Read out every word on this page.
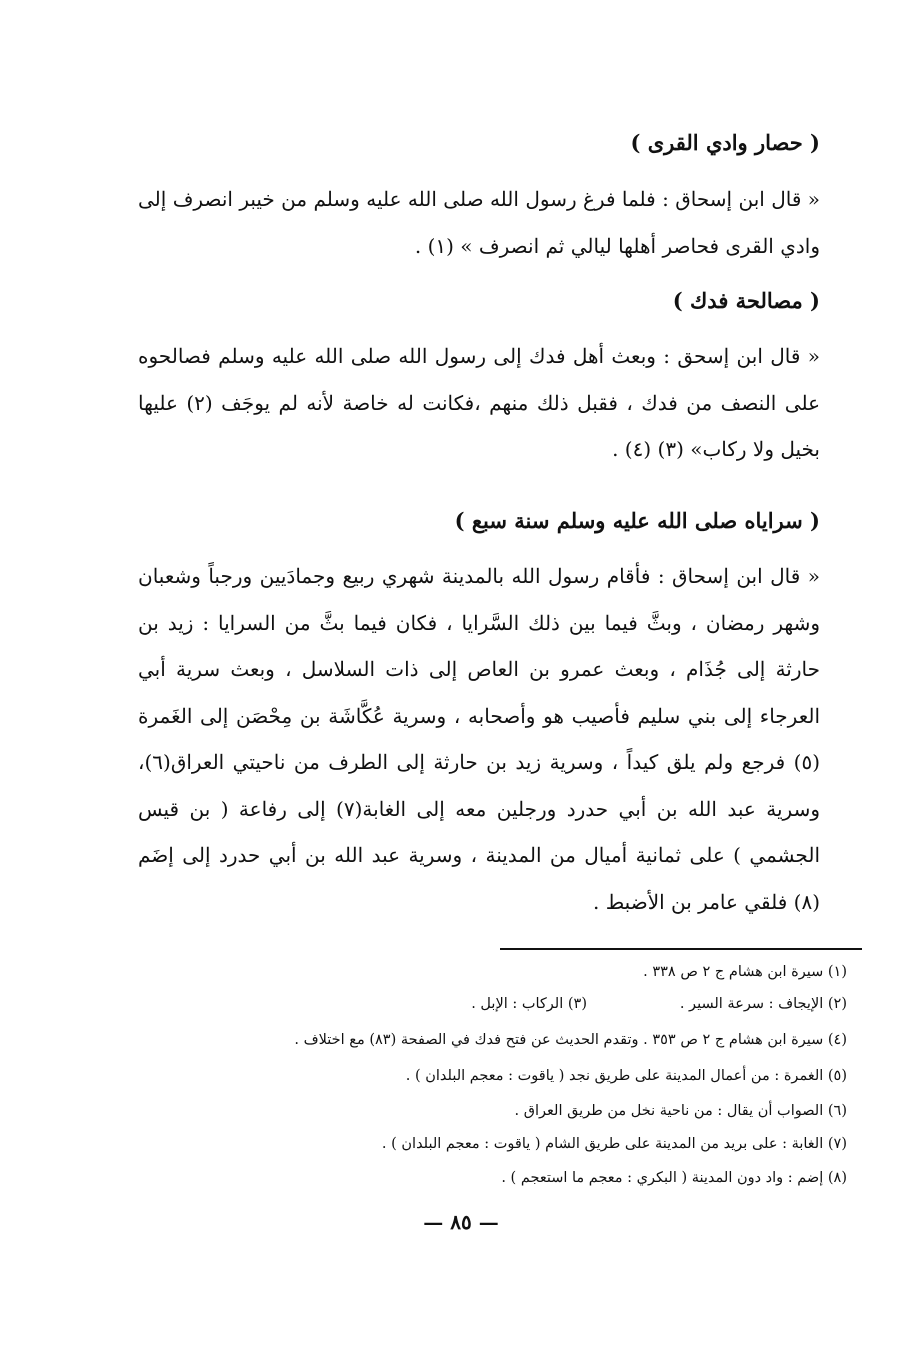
( حصار وادي القرى )

« قال ابن إسحاق : فلما فرغ رسول الله صلى الله عليه وسلم من خيبر انصرف إلى وادي القرى فحاصر أهلها ليالي ثم انصرف » (١) .

( مصالحة فدك )

« قال ابن إسحق : وبعث أهل فدك إلى رسول الله صلى الله عليه وسلم فصالحوه على النصف من فدك ، فقبل ذلك منهم ،فكانت له خاصة لأنه لم يوجَف (٢) عليها بخيل ولا ركاب» (٣) (٤) .

( سراياه صلى الله عليه وسلم سنة سبع )

« قال ابن إسحاق : فأقام رسول الله بالمدينة شهري ربيع وجمادَيين ورجباً وشعبان وشهر رمضان ، وبثَّ فيما بين ذلك السَّرايا ، فكان فيما بثَّ من السرايا : زيد بن حارثة إلى جُذَام ، وبعث عمرو بن العاص إلى ذات السلاسل ، وبعث سرية أبي العرجاء إلى بني سليم فأصيب هو وأصحابه ، وسرية عُكَّاشَة بن مِحْصَن إلى الغَمرة (٥) فرجع ولم يلق كيداً ، وسرية زيد بن حارثة إلى الطرف من ناحيتي العراق(٦)، وسرية عبد الله بن أبي حدرد ورجلين معه إلى الغابة(٧) إلى رفاعة ( بن قيس الجشمي ) على ثمانية أميال من المدينة ، وسرية عبد الله بن أبي حدرد إلى إضَم (٨) فلقي عامر بن الأضبط .

(١) سيرة ابن هشام ج ٢ ص ٣٣٨ .
(٢) الإيجاف : سرعة السير .
(٣) الركاب : الإبل .
(٤) سيرة ابن هشام ج ٢ ص ٣٥٣ . وتقدم الحديث عن فتح فدك في الصفحة (٨٣) مع اختلاف .
(٥) الغمرة : من أعمال المدينة على طريق نجد ( ياقوت : معجم البلدان ) .
(٦) الصواب أن يقال : من ناحية نخل من طريق العراق .
(٧) الغابة : على بريد من المدينة على طريق الشام ( ياقوت : معجم البلدان ) .
(٨) إضم : واد دون المدينة ( البكري : معجم ما استعجم ) .
— ٨٥ —
